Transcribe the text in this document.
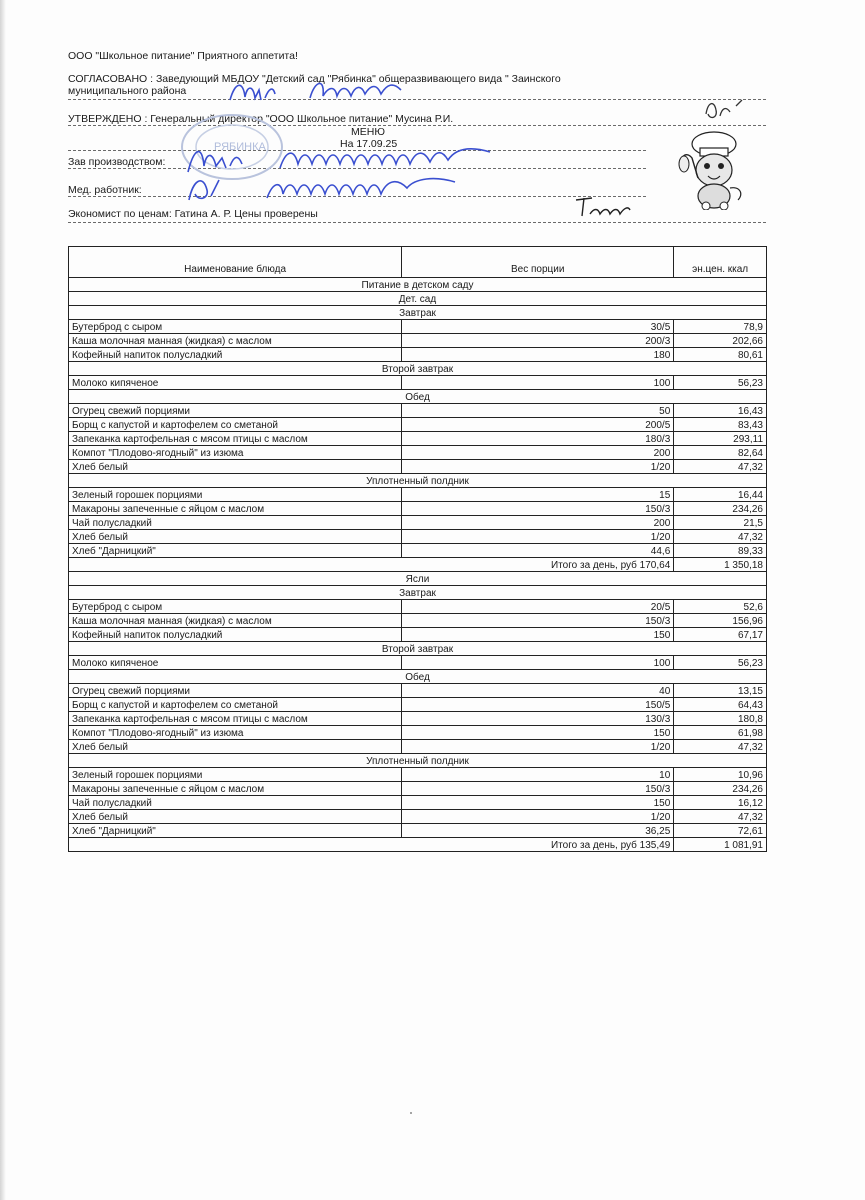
ООО "Школьное питание" Приятного аппетита!
СОГЛАСОВАНО : Заведующий МБДОУ "Детский сад "Рябинка" общеразвивающего вида " Заинского
муниципального района
УТВЕРЖДЕНО : Генеральный директор "ООО Школьное питание" Мусина Р.И.
МЕНЮ
На 17.09.25
Зав производством:
Мед. работник:
Экономист по ценам: Гатина А. Р. Цены проверены
РЯБИНКА
Наименование блюда	Вес порции	эн.цен. ккал
Питание в детском саду		
Дет. сад		
Завтрак		
Бутерброд с сыром	30/5	78,9
Каша молочная манная (жидкая) с маслом	200/3	202,66
Кофейный напиток полусладкий	180	80,61
Второй завтрак		
Молоко кипяченое	100	56,23
Обед		
Огурец свежий порциями	50	16,43
Борщ с капустой и картофелем со сметаной	200/5	83,43
Запеканка картофельная с мясом птицы с маслом	180/3	293,11
Компот "Плодово-ягодный" из изюма	200	82,64
Хлеб белый	1/20	47,32
Уплотненный полдник		
Зеленый горошек порциями	15	16,44
Макароны запеченные с яйцом с маслом	150/3	234,26
Чай полусладкий	200	21,5
Хлеб белый	1/20	47,32
Хлеб "Дарницкий"	44,6	89,33
Итого за день, руб 170,64		1 350,18
Ясли		
Завтрак		
Бутерброд с сыром	20/5	52,6
Каша молочная манная (жидкая) с маслом	150/3	156,96
Кофейный напиток полусладкий	150	67,17
Второй завтрак		
Молоко кипяченое	100	56,23
Обед		
Огурец свежий порциями	40	13,15
Борщ с капустой и картофелем со сметаной	150/5	64,43
Запеканка картофельная с мясом птицы с маслом	130/3	180,8
Компот "Плодово-ягодный" из изюма	150	61,98
Хлеб белый	1/20	47,32
Уплотненный полдник		
Зеленый горошек порциями	10	10,96
Макароны запеченные с яйцом с маслом	150/3	234,26
Чай полусладкий	150	16,12
Хлеб белый	1/20	47,32
Хлеб "Дарницкий"	36,25	72,61
Итого за день, руб 135,49		1 081,91
